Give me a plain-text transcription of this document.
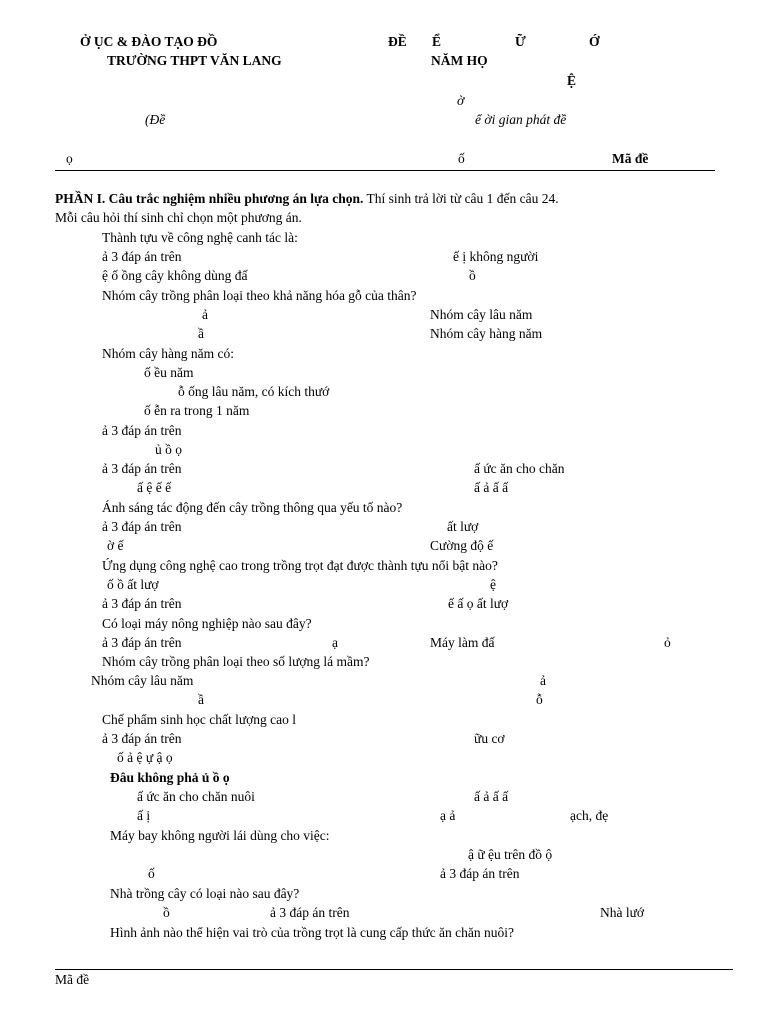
Ở ỤC & ĐÀO TẠO ĐỒ
TRƯỜNG THPT VĂN LANG
ĐỀ Ể	Ữ	Ớ
NĂM HỌ
Ệ
ờ
(Đề	ể ời gian phát đề
ọ	ố	Mã đề
PHẦN I. Câu trắc nghiệm nhiều phương án lựa chọn. Thí sinh trả lời từ câu 1 đến câu 24.
Mỗi câu hỏi thí sinh chỉ chọn một phương án.
Thành tựu về công nghệ canh tác là:
ả 3 đáp án trên	ế ị không người
ệ ố ồng cây không dùng đấ	ồ
Nhóm cây trồng phân loại theo khả năng hóa gỗ của thân?
ả	Nhóm cây lâu năm
ầ	Nhóm cây hàng năm
Nhóm cây hàng năm có:
ố ều năm
ỗ ống lâu năm, có kích thướ
ố ễn ra trong 1 năm
ả 3 đáp án trên
ủ ồ ọ
ả 3 đáp án trên	ấ ức ăn cho chăn
ấ ệ ế ế	ấ ả ấ ấ
Ánh sáng tác động đến cây trồng thông qua yếu tố nào?
ả 3 đáp án trên	ất lượ
ờ ế	Cường độ ế
Ứng dụng công nghệ cao trong trồng trọt đạt được thành tựu nổi bật nào?
ố ồ ất lượ	ệ
ả 3 đáp án trên	ế ấ ọ ất lượ
Có loại máy nông nghiệp nào sau đây?
ả 3 đáp án trên	ạ	Máy làm đấ	ỏ
Nhóm cây trồng phân loại theo số lượng lá mầm?
Nhóm cây lâu năm	ả
ầ	ỗ
Chế phẩm sinh học chất lượng cao l
ả 3 đáp án trên	ữu cơ
ố ả ệ ự ậ ọ
Đâu không phả ủ ồ ọ
ấ ức ăn cho chăn nuôi	ấ ả ấ ấ
ấ ị	ạ ả	ạch, đẹ
Máy bay không người lái dùng cho việc:
ậ ữ ệu trên đồ ộ
ố	ả 3 đáp án trên
Nhà trồng cây có loại nào sau đây?
ồ	ả 3 đáp án trên	Nhà lướ
Hình ảnh nào thể hiện vai trò của trồng trọt là cung cấp thức ăn chăn nuôi?
Mã đề
